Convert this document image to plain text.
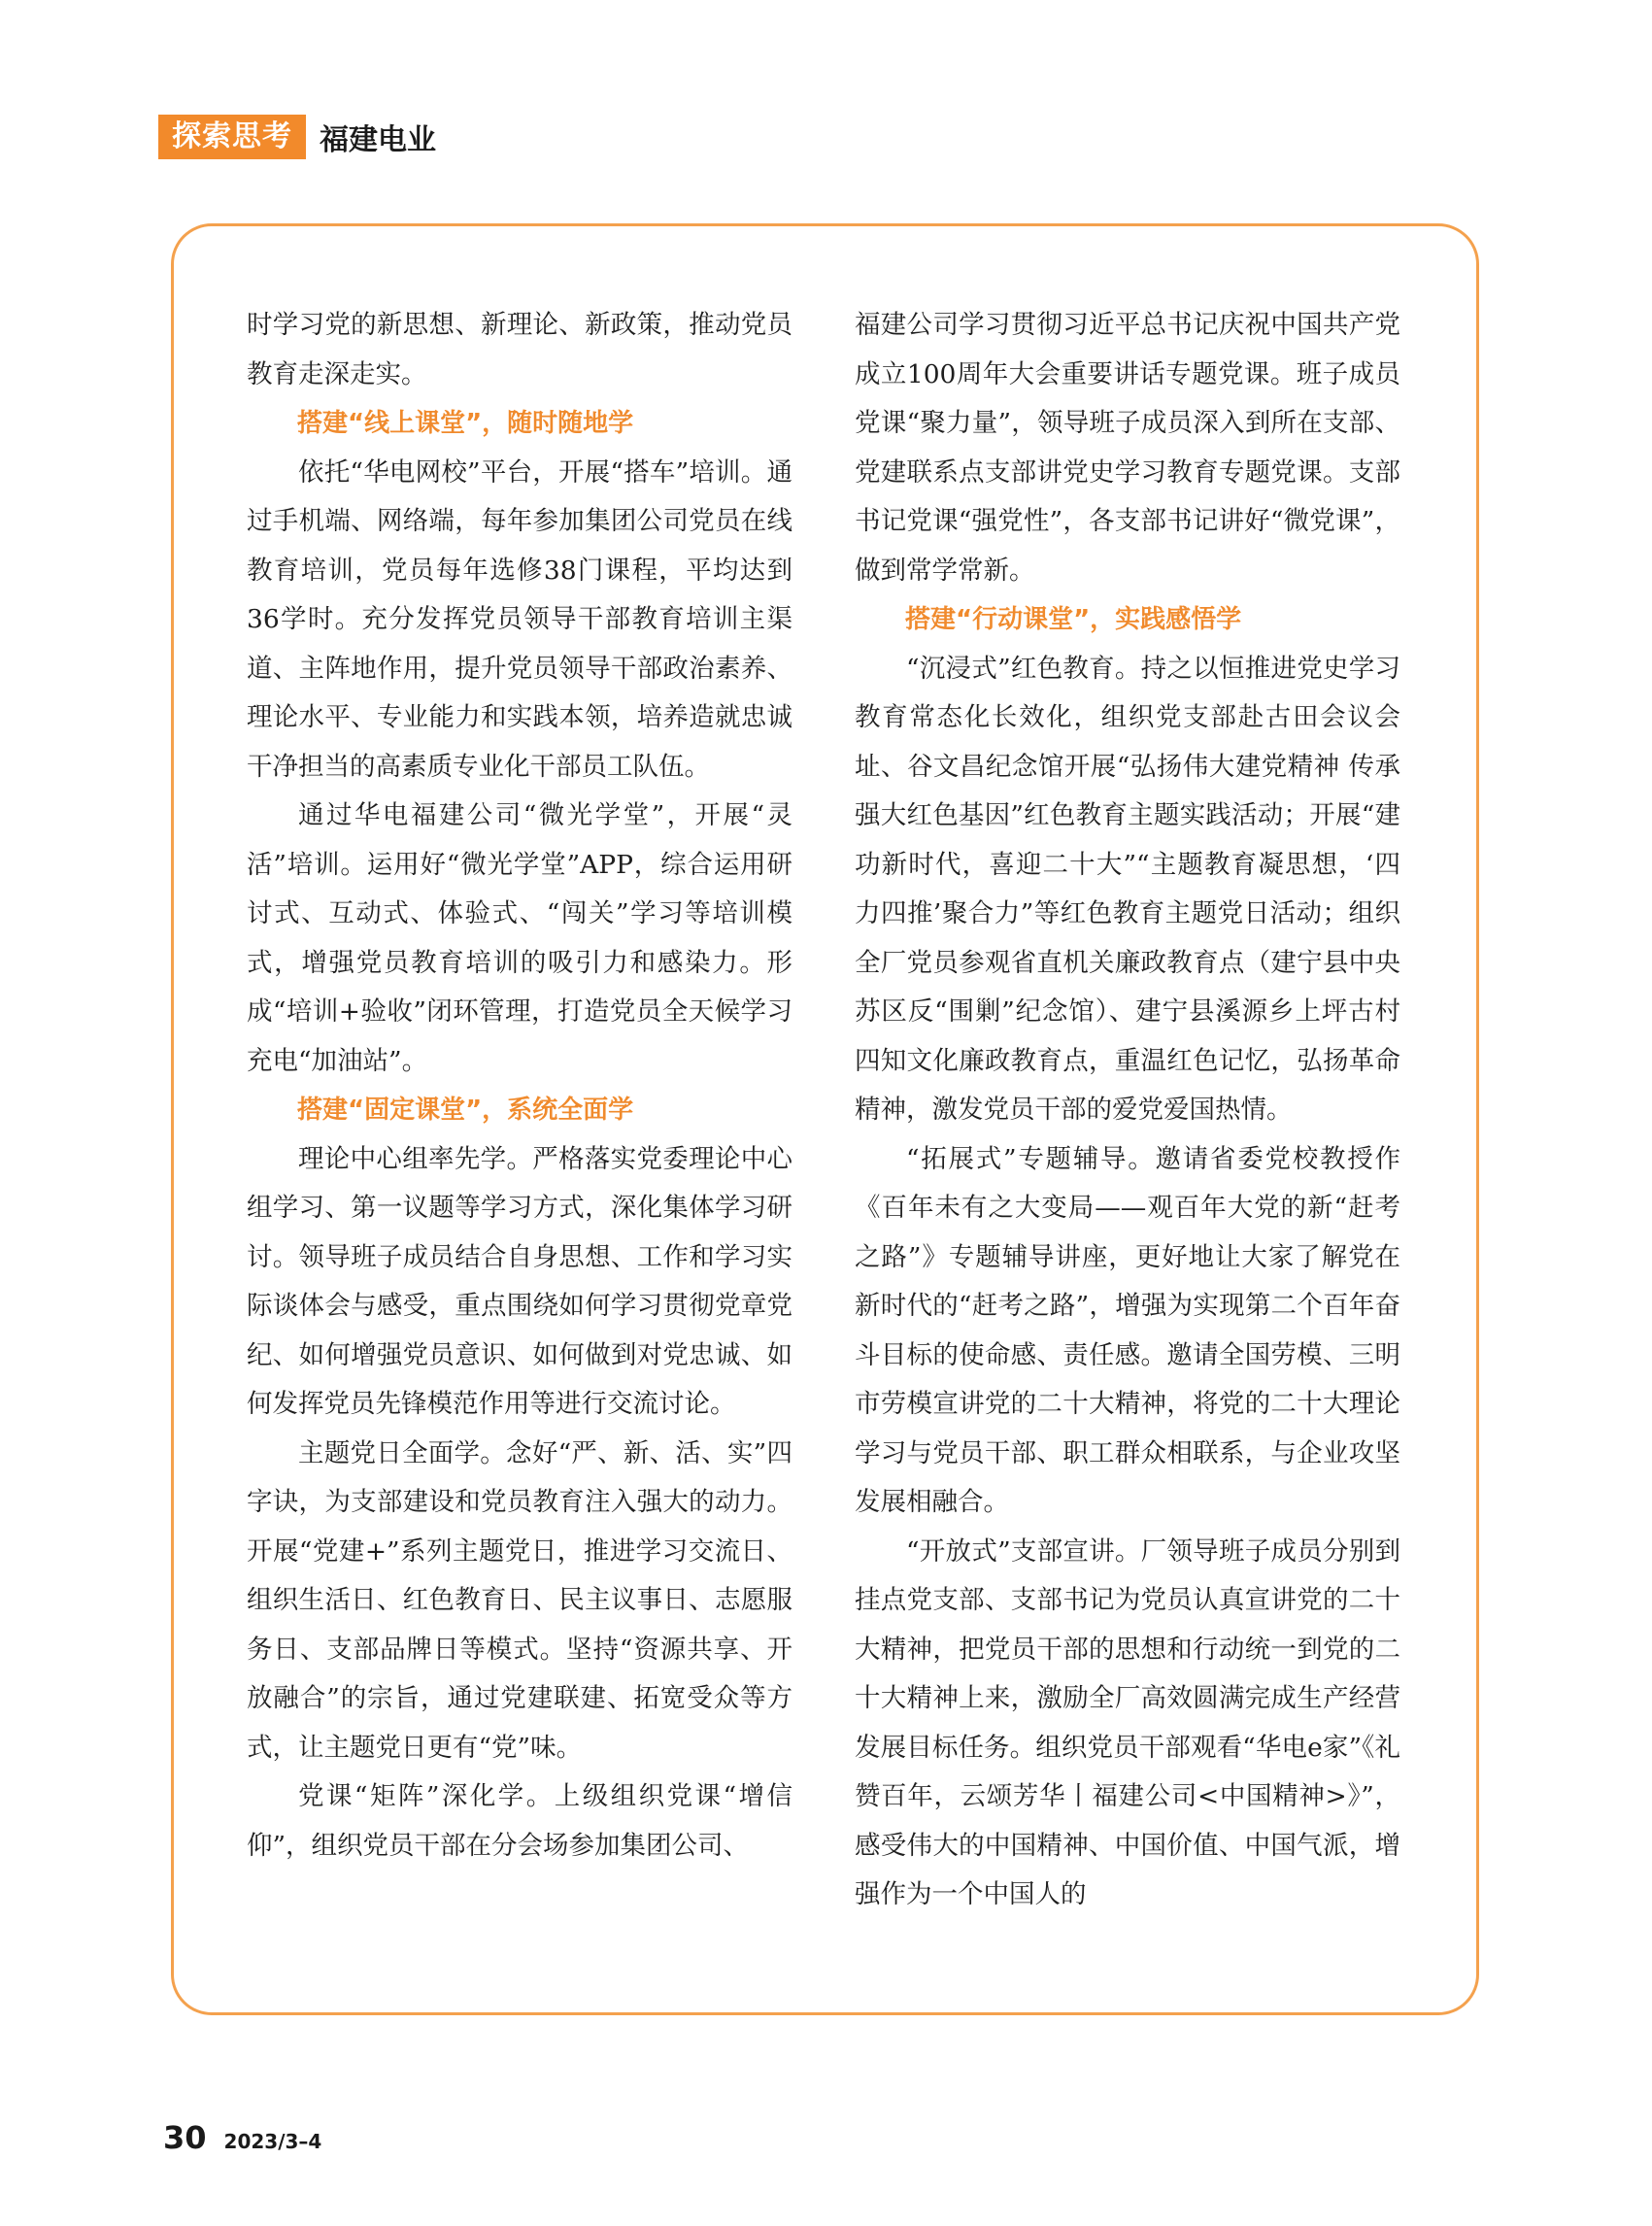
探索思考 福建电业

时学习党的新思想、新理论、新政策，推动党员教育走深走实。

搭建“线上课堂”，随时随地学

依托“华电网校”平台，开展“搭车”培训。通过手机端、网络端，每年参加集团公司党员在线教育培训，党员每年选修38门课程，平均达到36学时。充分发挥党员领导干部教育培训主渠道、主阵地作用，提升党员领导干部政治素养、理论水平、专业能力和实践本领，培养造就忠诚干净担当的高素质专业化干部员工队伍。

通过华电福建公司“微光学堂”，开展“灵活”培训。运用好“微光学堂”APP，综合运用研讨式、互动式、体验式、“闯关”学习等培训模式，增强党员教育培训的吸引力和感染力。形成“培训+验收”闭环管理，打造党员全天候学习充电“加油站”。

搭建“固定课堂”，系统全面学

理论中心组率先学。严格落实党委理论中心组学习、第一议题等学习方式，深化集体学习研讨。领导班子成员结合自身思想、工作和学习实际谈体会与感受，重点围绕如何学习贯彻党章党纪、如何增强党员意识、如何做到对党忠诚、如何发挥党员先锋模范作用等进行交流讨论。

主题党日全面学。念好“严、新、活、实”四字诀，为支部建设和党员教育注入强大的动力。开展“党建+”系列主题党日，推进学习交流日、组织生活日、红色教育日、民主议事日、志愿服务日、支部品牌日等模式。坚持“资源共享、开放融合”的宗旨，通过党建联建、拓宽受众等方式，让主题党日更有“党”味。

党课“矩阵”深化学。上级组织党课“增信仰”，组织党员干部在分会场参加集团公司、

福建公司学习贯彻习近平总书记庆祝中国共产党成立100周年大会重要讲话专题党课。班子成员党课“聚力量”，领导班子成员深入到所在支部、党建联系点支部讲党史学习教育专题党课。支部书记党课“强党性”，各支部书记讲好“微党课”，做到常学常新。

搭建“行动课堂”，实践感悟学

“沉浸式”红色教育。持之以恒推进党史学习教育常态化长效化，组织党支部赴古田会议会址、谷文昌纪念馆开展“弘扬伟大建党精神 传承强大红色基因”红色教育主题实践活动；开展“建功新时代，喜迎二十大”“主题教育凝思想，‘四力四推’聚合力”等红色教育主题党日活动；组织全厂党员参观省直机关廉政教育点（建宁县中央苏区反“围剿”纪念馆）、建宁县溪源乡上坪古村四知文化廉政教育点，重温红色记忆，弘扬革命精神，激发党员干部的爱党爱国热情。

“拓展式”专题辅导。邀请省委党校教授作《百年未有之大变局——观百年大党的新“赶考之路”》专题辅导讲座，更好地让大家了解党在新时代的“赶考之路”，增强为实现第二个百年奋斗目标的使命感、责任感。邀请全国劳模、三明市劳模宣讲党的二十大精神，将党的二十大理论学习与党员干部、职工群众相联系，与企业攻坚发展相融合。

“开放式”支部宣讲。厂领导班子成员分别到挂点党支部、支部书记为党员认真宣讲党的二十大精神，把党员干部的思想和行动统一到党的二十大精神上来，激励全厂高效圆满完成生产经营发展目标任务。组织党员干部观看“华电e家”《礼赞百年，云颂芳华丨福建公司<中国精神>》”，感受伟大的中国精神、中国价值、中国气派，增强作为一个中国人的

30 2023/3–4
